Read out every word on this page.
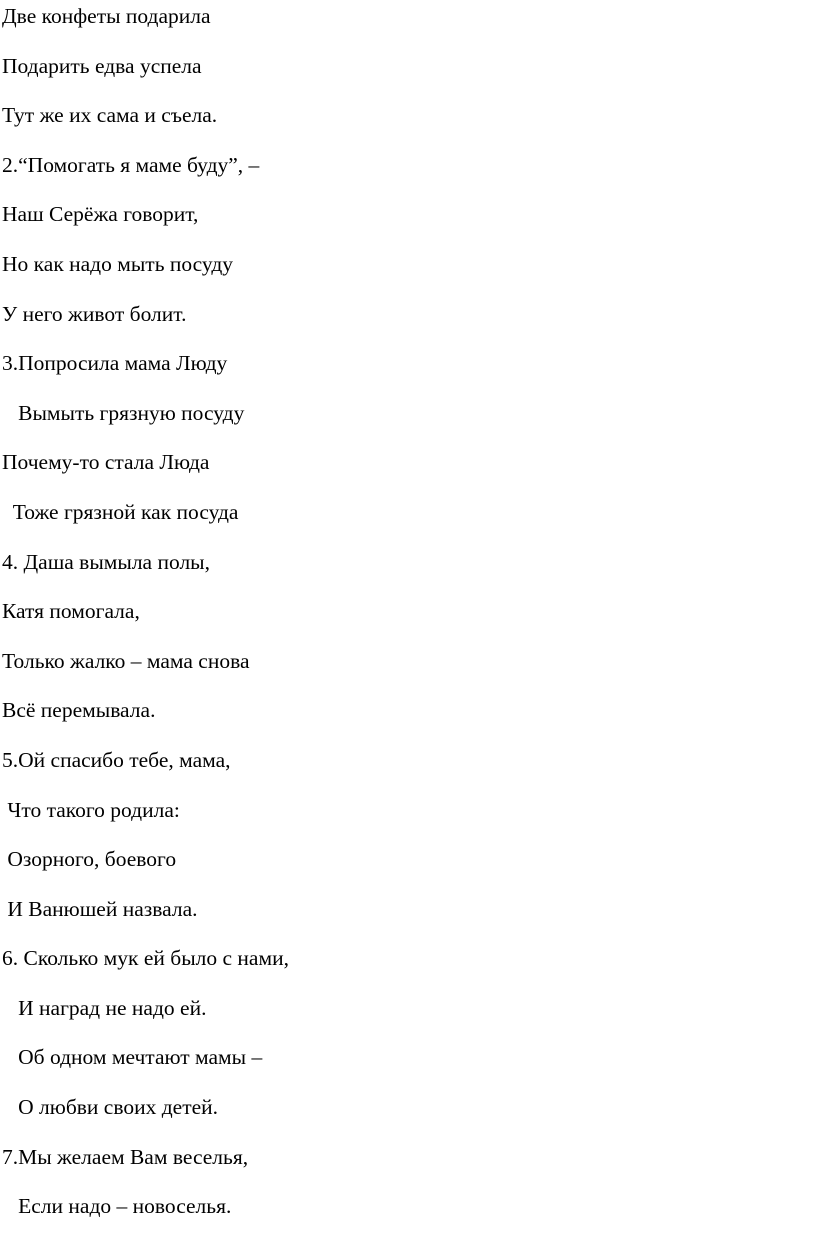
Две конфеты подарила
Подарить едва успела
Тут же их сама и съела.
2.“Помогать я маме буду”, –
Наш Серёжа говорит,
Но как надо мыть посуду
У него живот болит.
3.Попросила мама Люду
Вымыть грязную посуду
Почему-то стала Люда
Тоже грязной как посуда
4. Даша вымыла полы,
Катя помогала,
Только жалко – мама снова
Всё перемывала.
5.Ой спасибо тебе, мама,
Что такого родила:
Озорного, боевого
И Ванюшей назвала.
6. Сколько мук ей было с нами,
И наград не надо ей.
Об одном мечтают мамы –
О любви своих детей.
7.Мы желаем Вам веселья,
Если надо – новоселья.
